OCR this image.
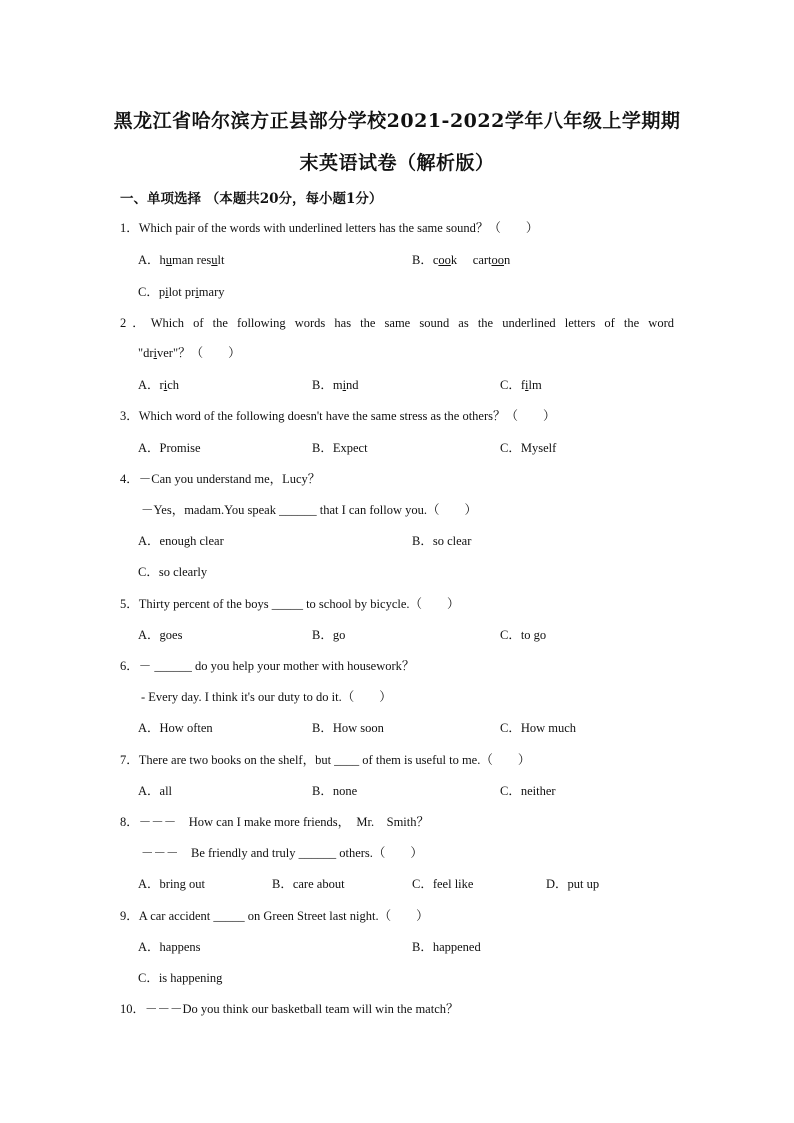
黑龙江省哈尔滨方正县部分学校2021-2022学年八年级上学期期
末英语试卷（解析版）
一、单项选择 （本题共20分，每小题1分）
1．Which pair of the words with underlined letters has the same sound？（　　）
A．human result	B．cook　 cartoon
C．pilot primary
2．Which of the following words has the same sound as the underlined letters of the word
"driver"？（　　）
A．rich	B．mind	C．film
3．Which word of the following doesn't have the same stress as the others？（　　）
A．Promise	B．Expect	C．Myself
4．－Can you understand me，Lucy？
－Yes，madam.You speak ______ that I can follow you.（　　）
A．enough clear	B．so clear
C．so clearly
5．Thirty percent of the boys _____ to school by bicycle.（　　）
A．goes	B．go	C．to go
6．－ ______ do you help your mother with housework？
- Every day. I think it's our duty to do it.（　　）
A．How often	B．How soon	C．How much
7．There are two books on the shelf，but ____ of them is useful to me.（　　）
A．all	B．none	C．neither
8．－－－　How can I make more friends，　Mr.　Smith？
－－－　Be friendly and truly ______ others.（　　）
A．bring out	B．care about	C．feel like	D．put up
9．A car accident _____ on Green Street last night.（　　）
A．happens	B．happened
C．is happening
10．－－－Do you think our basketball team will win the match？
